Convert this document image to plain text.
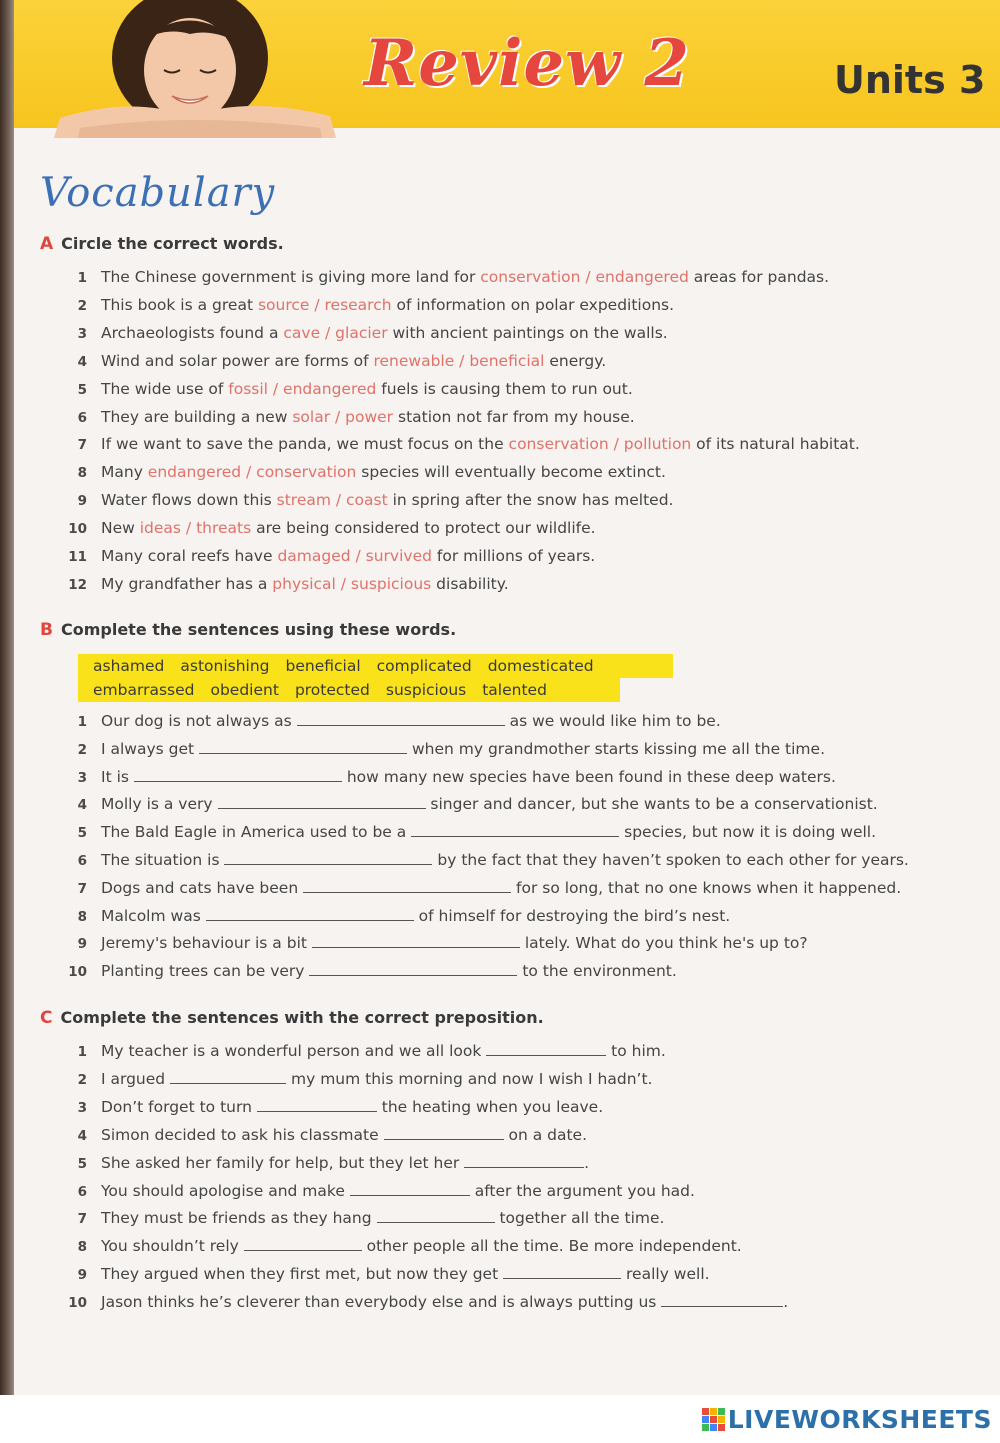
Review 2	Units 3
Vocabulary
A Circle the correct words.
1 The Chinese government is giving more land for conservation / endangered areas for pandas.
2 This book is a great source / research of information on polar expeditions.
3 Archaeologists found a cave / glacier with ancient paintings on the walls.
4 Wind and solar power are forms of renewable / beneficial energy.
5 The wide use of fossil / endangered fuels is causing them to run out.
6 They are building a new solar / power station not far from my house.
7 If we want to save the panda, we must focus on the conservation / pollution of its natural habitat.
8 Many endangered / conservation species will eventually become extinct.
9 Water flows down this stream / coast in spring after the snow has melted.
10 New ideas / threats are being considered to protect our wildlife.
11 Many coral reefs have damaged / survived for millions of years.
12 My grandfather has a physical / suspicious disability.
B Complete the sentences using these words.
ashamed astonishing beneficial complicated domesticated
embarrassed obedient protected suspicious talented
1 Our dog is not always as	as we would like him to be.
2 I always get	when my grandmother starts kissing me all the time.
3 It is	how many new species have been found in these deep waters.
4 Molly is a very	singer and dancer, but she wants to be a conservationist.
5 The Bald Eagle in America used to be a	species, but now it is doing well.
6 The situation is	by the fact that they haven’t spoken to each other for years.
7 Dogs and cats have been	for so long, that no one knows when it happened.
8 Malcolm was	of himself for destroying the bird’s nest.
9 Jeremy's behaviour is a bit	lately. What do you think he's up to?
10 Planting trees can be very	to the environment.
C Complete the sentences with the correct preposition.
1 My teacher is a wonderful person and we all look	to him.
2 I argued	my mum this morning and now I wish I hadn’t.
3 Don’t forget to turn	the heating when you leave.
4 Simon decided to ask his classmate	on a date.
5 She asked her family for help, but they let her	.
6 You should apologise and make	after the argument you had.
7 They must be friends as they hang	together all the time.
8 You shouldn’t rely	other people all the time. Be more independent.
9 They argued when they first met, but now they get	really well.
10 Jason thinks he’s cleverer than everybody else and is always putting us	.
LIVEWORKSHEETS
